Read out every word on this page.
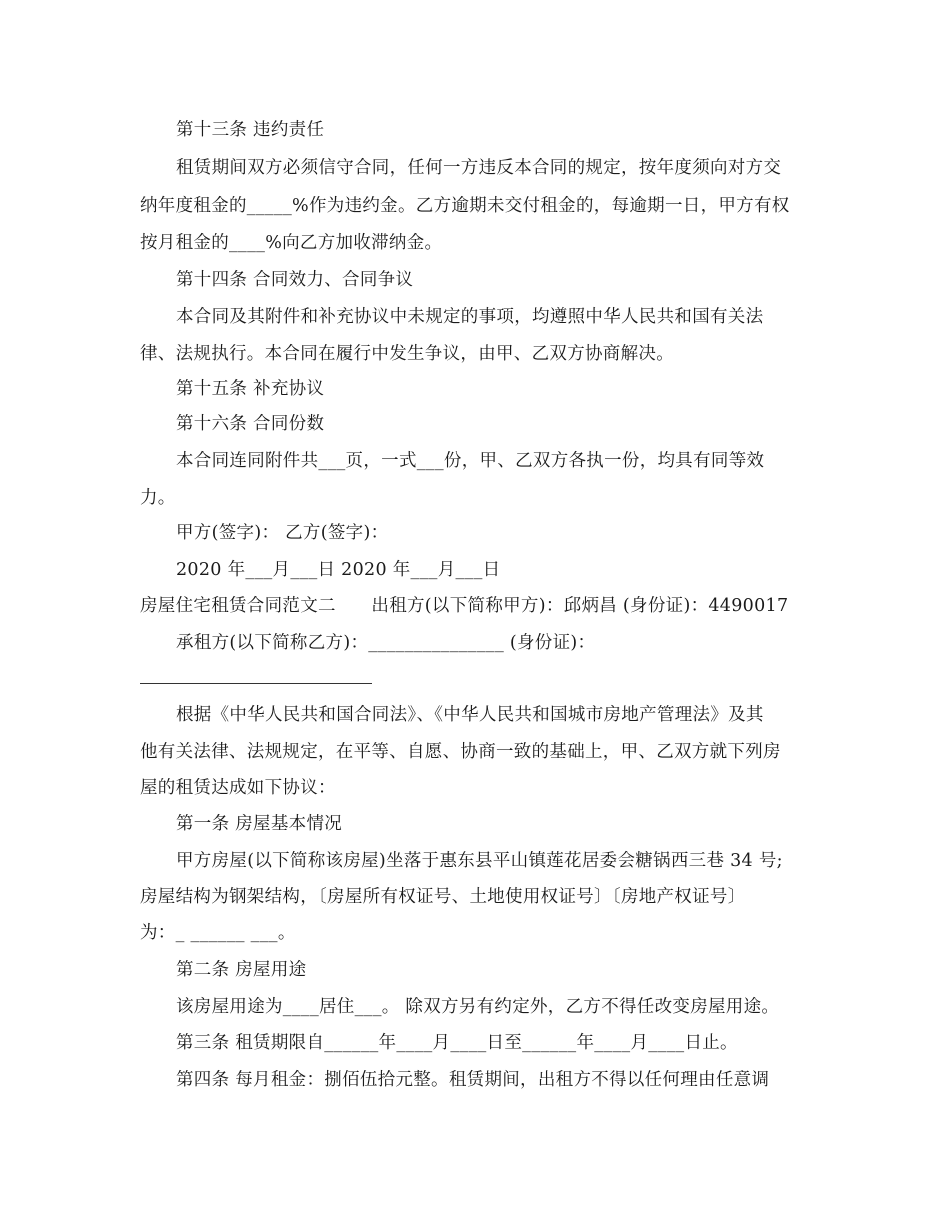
第十三条 违约责任
租赁期间双方必须信守合同，任何一方违反本合同的规定，按年度须向对方交
纳年度租金的_____%作为违约金。乙方逾期未交付租金的，每逾期一日，甲方有权
按月租金的____%向乙方加收滞纳金。
第十四条 合同效力、合同争议
本合同及其附件和补充协议中未规定的事项，均遵照中华人民共和国有关法
律、法规执行。本合同在履行中发生争议，由甲、乙双方协商解决。
第十五条 补充协议
第十六条 合同份数
本合同连同附件共___页，一式___份，甲、乙双方各执一份，均具有同等效
力。
甲方(签字)： 乙方(签字)：
2020 年___月___日 2020 年___月___日
房屋住宅租赁合同范文二　　出租方(以下简称甲方)：邱炳昌 (身份证)：4490017
承租方(以下简称乙方)：_______________ (身份证)：
根据《中华人民共和国合同法》、《中华人民共和国城市房地产管理法》及其
他有关法律、法规规定，在平等、自愿、协商一致的基础上，甲、乙双方就下列房
屋的租赁达成如下协议：
第一条 房屋基本情况
甲方房屋(以下简称该房屋)坐落于惠东县平山镇莲花居委会糖锅西三巷 34 号;
房屋结构为钢架结构，〔房屋所有权证号、土地使用权证号〕〔房地产权证号〕
为：_ ______ ___。
第二条 房屋用途
该房屋用途为____居住___。 除双方另有约定外，乙方不得任改变房屋用途。
第三条 租赁期限自______年____月____日至______年____月____日止。
第四条 每月租金：捌佰伍拾元整。租赁期间，出租方不得以任何理由任意调
